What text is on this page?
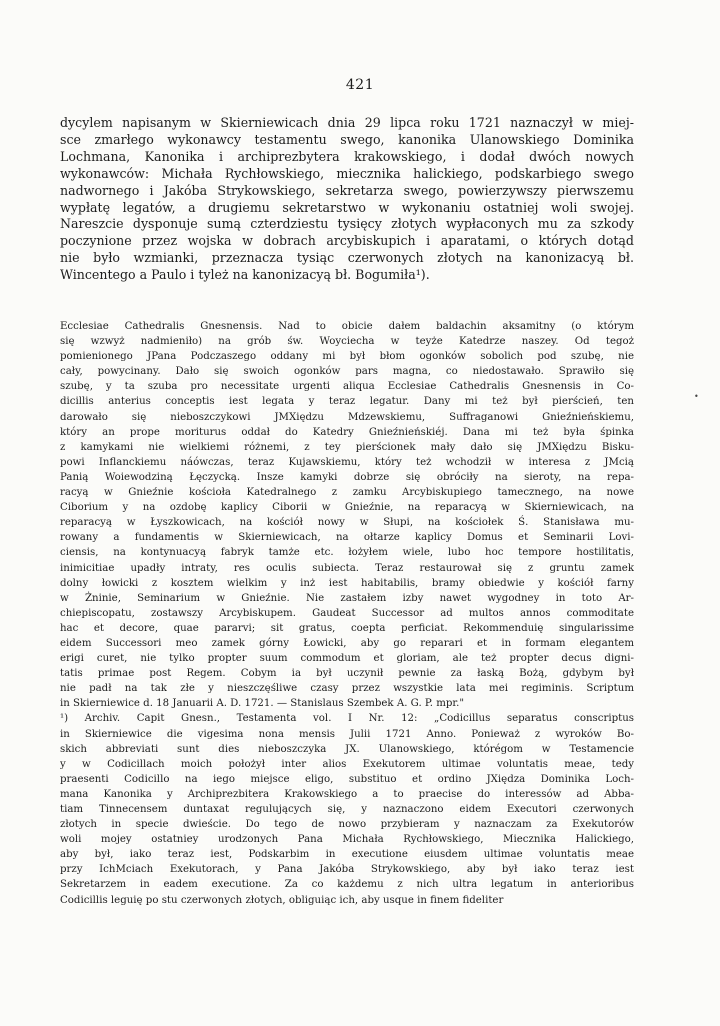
421
dycylem napisanym w Skierniewicach dnia 29 lipca roku 1721 naznaczył w miej-
sce zmarłego wykonawcy testamentu swego, kanonika Ulanowskiego Dominika
Lochmana, Kanonika i archiprezbytera krakowskiego, i dodał dwóch nowych
wykonawców: Michała Rychłowskiego, miecznika halickiego, podskarbiego swego
nadwornego i Jakóba Strykowskiego, sekretarza swego, powierzywszy pierwszemu
wypłatę legatów, a drugiemu sekretarstwo w wykonaniu ostatniej woli swojej.
Nareszcie dysponuje sumą czterdziestu tysięcy złotych wypłaconych mu za szkody
poczynione przez wojska w dobrach arcybiskupich i aparatami, o których dotąd
nie było wzmianki, przeznacza tysiąc czerwonych złotych na kanonizacyą bł.
Wincentego a Paulo i tyleż na kanonizacyą bł. Bogumiła¹).
Ecclesiae Cathedralis Gnesnensis. Nad to obicie dałem baldachin aksamitny (o którym
się wzwyż nadmieniło) na grób św. Woyciecha w teyże Katedrze naszey. Od tegoż
pomienionego JPana Podczaszego oddany mi był błom ogonków sobolich pod szubę, nie
cały, powycinany. Dało się swoich ogonków pars magna, co niedostawało. Sprawiło się
szubę, y ta szuba pro necessitate urgenti aliqua Ecclesiae Cathedralis Gnesnensis in Co-
dicillis anterius conceptis iest legata y teraz legatur. Dany mi też był pierścień, ten
darowało się nieboszczykowi JMXiędzu Mdzewskiemu, Suffraganowi Gnieźnieńskiemu,
który an prope moriturus oddał do Katedry Gnieźnieńskiéj. Dana mi też była śpinka
z kamykami nie wielkiemi różnemi, z tey pierścionek mały dało się JMXiędzu Bisku-
powi Inflanckiemu náówczas, teraz Kujawskiemu, który też wchodził w interesa z JMcią
Panią Woiewodziną Łęczycką. Insze kamyki dobrze się obróciły na sieroty, na repa-
racyą w Gnieźnie kościoła Katedralnego z zamku Arcybiskupiego tamecznego, na nowe
Ciborium y na ozdobę kaplicy Ciborii w Gnieźnie, na reparacyą w Skierniewicach, na
reparacyą w Łyszkowicach, na kościół nowy w Słupi, na kościołek Ś. Stanisława mu-
rowany a fundamentis w Skierniewicach, na ołtarze kaplicy Domus et Seminarii Lovi-
ciensis, na kontynuacyą fabryk tamże etc. łożyłem wiele, lubo hoc tempore hostilitatis,
inimicitiae upadły intraty, res oculis subiecta. Teraz restaurował się z gruntu zamek
dolny łowicki z kosztem wielkim y inż iest habitabilis, bramy obiedwie y kościół farny
w Żninie, Seminarium w Gnieźnie. Nie zastałem izby nawet wygodney in toto Ar-
chiepiscopatu, zostawszy Arcybiskupem. Gaudeat Successor ad multos annos commoditate
hac et decore, quae pararvi; sit gratus, coepta perficiat. Rekommenduię singularissime
eidem Successori meo zamek górny Łowicki, aby go reparari et in formam elegantem
erigi curet, nie tylko propter suum commodum et gloriam, ale też propter decus digni-
tatis primae post Regem. Cobym ia był uczynił pewnie za łaską Bożą, gdybym był
nie padł na tak złe y nieszczęśliwe czasy przez wszystkie lata mei regiminis. Scriptum
in Skierniewice d. 18 Januarii A. D. 1721. — Stanislaus Szembek A. G. P. mpr."
¹) Archiv. Capit Gnesn., Testamenta vol. I Nr. 12: „Codicillus separatus conscriptus
in Skierniewice die vigesima nona mensis Julii 1721 Anno. Ponieważ z wyroków Bo-
skich abbreviati sunt dies nieboszczyka JX. Ulanowskiego, którégom w Testamencie
y w Codicillach moich położył inter alios Exekutorem ultimae voluntatis meae, tedy
praesenti Codicillo na iego miejsce eligo, substituo et ordino JXiędza Dominika Loch-
mana Kanonika y Archiprezbitera Krakowskiego a to praecise do interessów ad Abba-
tiam Tinnecensem duntaxat regulujących się, y naznaczono eidem Executori czerwonych
złotych in specie dwieście. Do tego de nowo przybieram y naznaczam za Exekutorów
woli mojey ostatniey urodzonych Pana Michała Rychłowskiego, Miecznika Halickiego,
aby był, iako teraz iest, Podskarbim in executione eiusdem ultimae voluntatis meae
przy IchMciach Exekutorach, y Pana Jakóba Strykowskiego, aby był iako teraz iest
Sekretarzem in eadem executione. Za co każdemu z nich ultra legatum in anterioribus
Codicillis leguię po stu czerwonych złotych, obliguiąc ich, aby usque in finem fideliter
•
